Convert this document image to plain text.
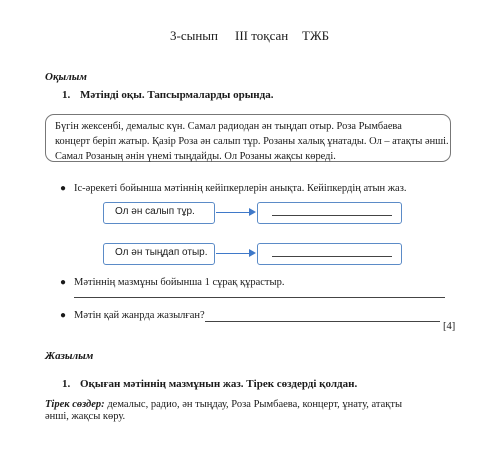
3-сынып ІІІ тоқсан ТЖБ
Оқылым
1. Мәтінді оқы. Тапсырмаларды орында.

Бүгін жексенбі, демалыс күн. Самал радиодан ән тыңдап отыр. Роза Рымбаева

концерт беріп жатыр. Қазір Роза ән салып тұр. Розаны халық ұнатады. Ол – атақты әнші.

Самал Розаның әнін үнемі тыңдайды. Ол Розаны жақсы көреді.

● Іс-әрекеті бойынша мәтіннің кейіпкерлерін анықта. Кейіпкердің атын жаз.
Ол ән салып тұр.
Ол ән тыңдап отыр.
● Мәтіннің мазмұны бойынша 1 сұрақ құрастыр.
● Мәтін қай жанрда жазылған?
[4]
Жазылым
1. Оқыған мәтіннің мазмұнын жаз. Тірек сөздерді қолдан.
Тірек сөздер: демалыс, радио, ән тыңдау, Роза Рымбаева, концерт, ұнату, атақты
әнші, жақсы көру.
